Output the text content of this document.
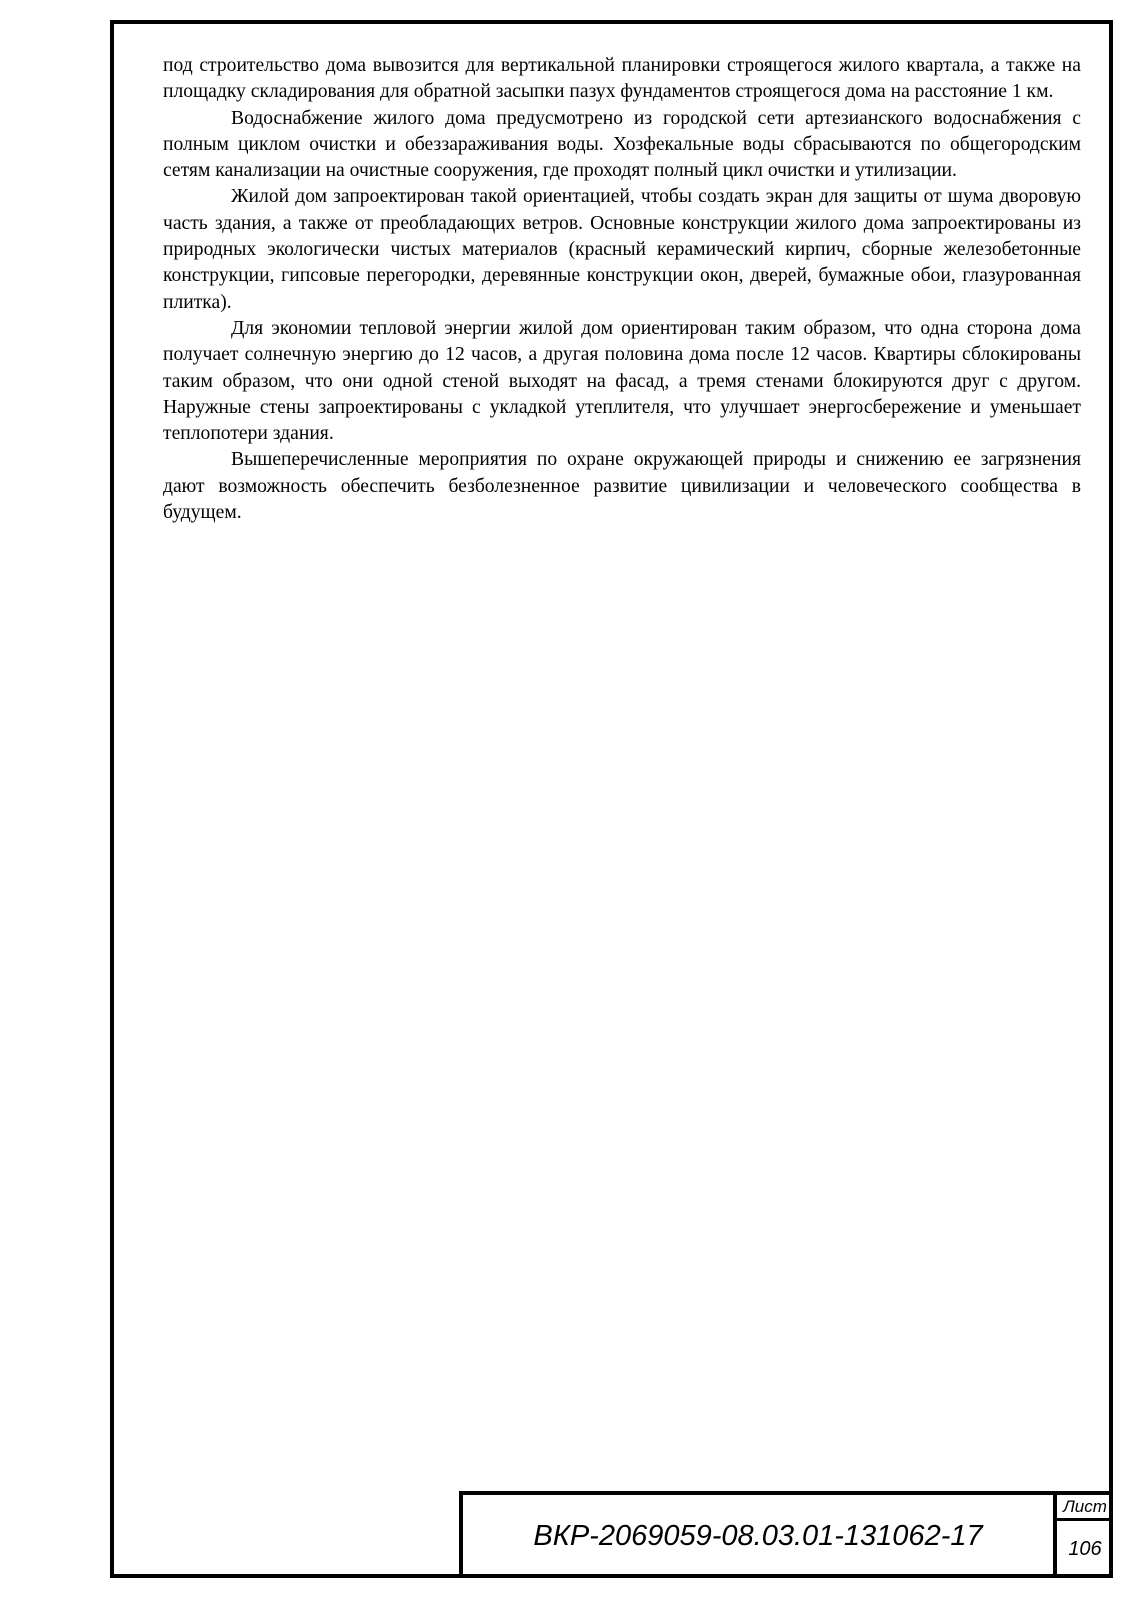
под строительство дома вывозится для вертикальной планировки строящегося жилого квартала, а также на площадку складирования для обратной засыпки пазух фундаментов строящегося дома на расстояние 1 км.

Водоснабжение жилого дома предусмотрено из городской сети артезианского водоснабжения с полным циклом очистки и обеззараживания воды. Хозфекальные воды сбрасываются по общегородским сетям канализации на очистные сооружения, где проходят полный цикл очистки и утилизации.

Жилой дом запроектирован такой ориентацией, чтобы создать экран для защиты от шума дворовую часть здания, а также от преобладающих ветров. Основные конструкции жилого дома запроектированы из природных экологически чистых материалов (красный керамический кирпич, сборные железобетонные конструкции, гипсовые перегородки, деревянные конструкции окон, дверей, бумажные обои, глазурованная плитка).

Для экономии тепловой энергии жилой дом ориентирован таким образом, что одна сторона дома получает солнечную энергию до 12 часов, а другая половина дома после 12 часов. Квартиры сблокированы таким образом, что они одной стеной выходят на фасад, а тремя стенами блокируются друг с другом. Наружные стены запроектированы с укладкой утеплителя, что улучшает энергосбережение и уменьшает теплопотери здания.

Вышеперечисленные мероприятия по охране окружающей природы и снижению ее загрязнения дают возможность обеспечить безболезненное развитие цивилизации и человеческого сообщества в будущем.

ВКР-2069059-08.03.01-131062-17
Лист
106
